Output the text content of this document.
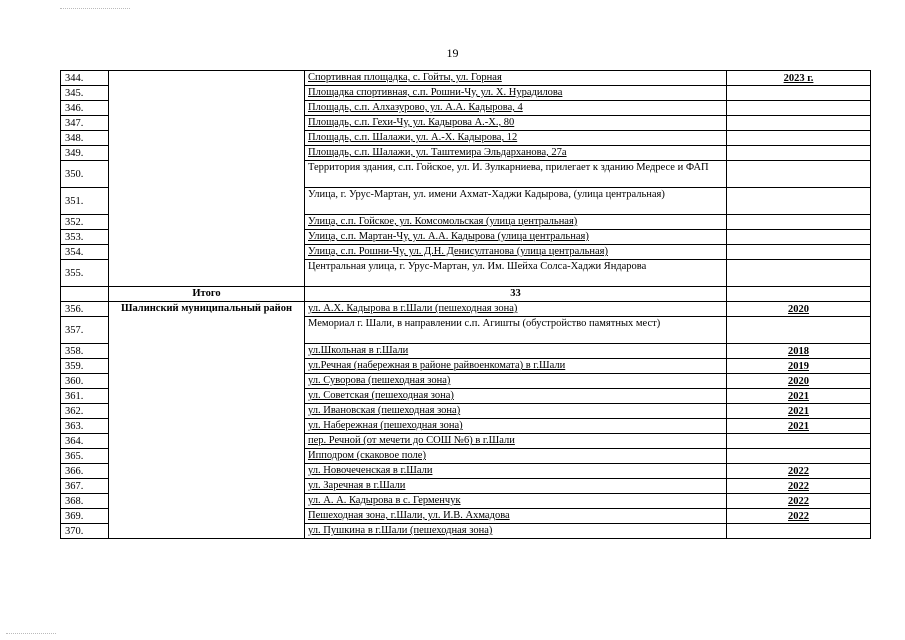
19
344.		Спортивная площадка, с. Гойты, ул. Горная	2023 г.
345.		Площадка спортивная, с.п. Рошни-Чу, ул. Х. Нурадилова	
346.		Площадь, с.п. Алхазурово, ул. А.А. Кадырова, 4	
347.		Площадь, с.п. Гехи-Чу, ул. Кадырова А.-Х., 80	
348.		Площадь, с.п. Шалажи, ул. А.-Х. Кадырова, 12	
349.		Площадь, с.п. Шалажи, ул. Таштемира Эльдарханова, 27а	
350.		Территория здания, с.п. Гойское, ул. И. Зулкарниева, прилегает к зданию Медресе и ФАП	
351.		Улица, г. Урус-Мартан, ул. имени Ахмат-Хаджи Кадырова, (улица центральная)	
352.		Улица, с.п. Гойское, ул. Комсомольская (улица центральная)	
353.		Улица, с.п. Мартан-Чу, ул. А.А. Кадырова (улица центральная)	
354.		Улица, с.п. Рошни-Чу, ул. Д.Н. Денисултанова (улица центральная)	
355.		Центральная улица, г. Урус-Мартан, ул. Им. Шейха Солса-Хаджи Яндарова	
	Итого	33	
356.	Шалинский муниципальный район	ул. А.Х. Кадырова в г.Шали (пешеходная зона)	2020
357.		Мемориал г. Шали, в направлении с.п. Агишты (обустройство памятных мест)	
358.		ул.Школьная в г.Шали	2018
359.		ул.Речная (набережная в районе райвоенкомата) в г.Шали	2019
360.		ул. Суворова (пешеходная зона)	2020
361.		ул. Советская (пешеходная зона)	2021
362.		ул. Ивановская (пешеходная зона)	2021
363.		ул. Набережная (пешеходная зона)	2021
364.		пер. Речной (от мечети до СОШ №6) в г.Шали	
365.		Ипподром (скаковое поле)	
366.		ул. Новочеченская в г.Шали	2022
367.		ул. Заречная в г.Шали	2022
368.		ул. А. А. Кадырова в с. Герменчук	2022
369.		Пешеходная зона, г.Шали, ул. И.В. Ахмадова	2022
370.		ул. Пушкина в г.Шали (пешеходная зона)	
